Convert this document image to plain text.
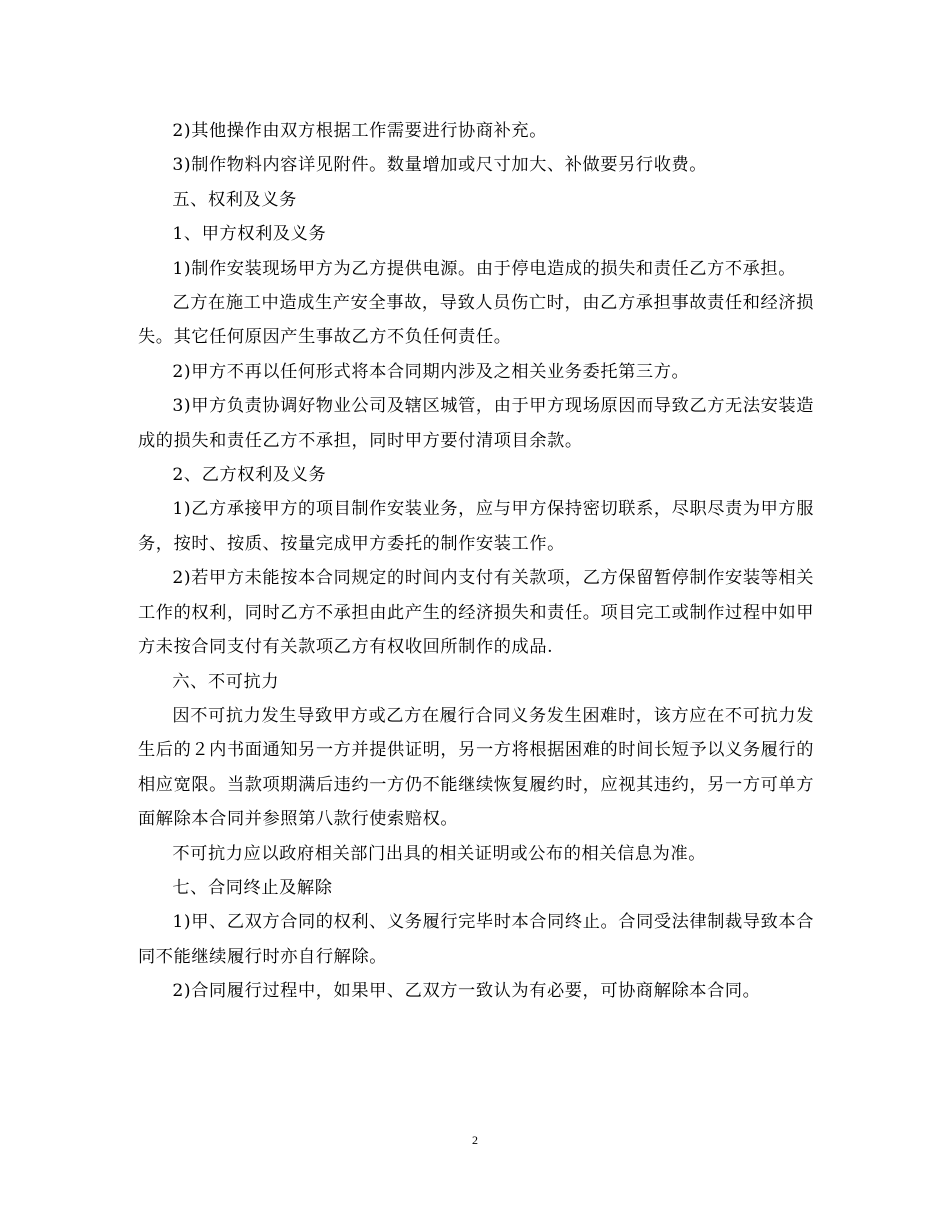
2)其他操作由双方根据工作需要进行协商补充。

3)制作物料内容详见附件。数量增加或尺寸加大、补做要另行收费。

五、权利及义务

1、甲方权利及义务

1)制作安装现场甲方为乙方提供电源。由于停电造成的损失和责任乙方不承担。

乙方在施工中造成生产安全事故，导致人员伤亡时，由乙方承担事故责任和经济损失。其它任何原因产生事故乙方不负任何责任。

2)甲方不再以任何形式将本合同期内涉及之相关业务委托第三方。

3)甲方负责协调好物业公司及辖区城管，由于甲方现场原因而导致乙方无法安装造成的损失和责任乙方不承担，同时甲方要付清项目余款。

2、乙方权利及义务

1)乙方承接甲方的项目制作安装业务，应与甲方保持密切联系，尽职尽责为甲方服务，按时、按质、按量完成甲方委托的制作安装工作。

2)若甲方未能按本合同规定的时间内支付有关款项，乙方保留暂停制作安装等相关工作的权利，同时乙方不承担由此产生的经济损失和责任。项目完工或制作过程中如甲方未按合同支付有关款项乙方有权收回所制作的成品.

六、不可抗力

因不可抗力发生导致甲方或乙方在履行合同义务发生困难时，该方应在不可抗力发生后的２内书面通知另一方并提供证明，另一方将根据困难的时间长短予以义务履行的相应宽限。当款项期满后违约一方仍不能继续恢复履约时，应视其违约，另一方可单方面解除本合同并参照第八款行使索赔权。

不可抗力应以政府相关部门出具的相关证明或公布的相关信息为准。

七、合同终止及解除

1)甲、乙双方合同的权利、义务履行完毕时本合同终止。合同受法律制裁导致本合同不能继续履行时亦自行解除。

2)合同履行过程中，如果甲、乙双方一致认为有必要，可协商解除本合同。

2
